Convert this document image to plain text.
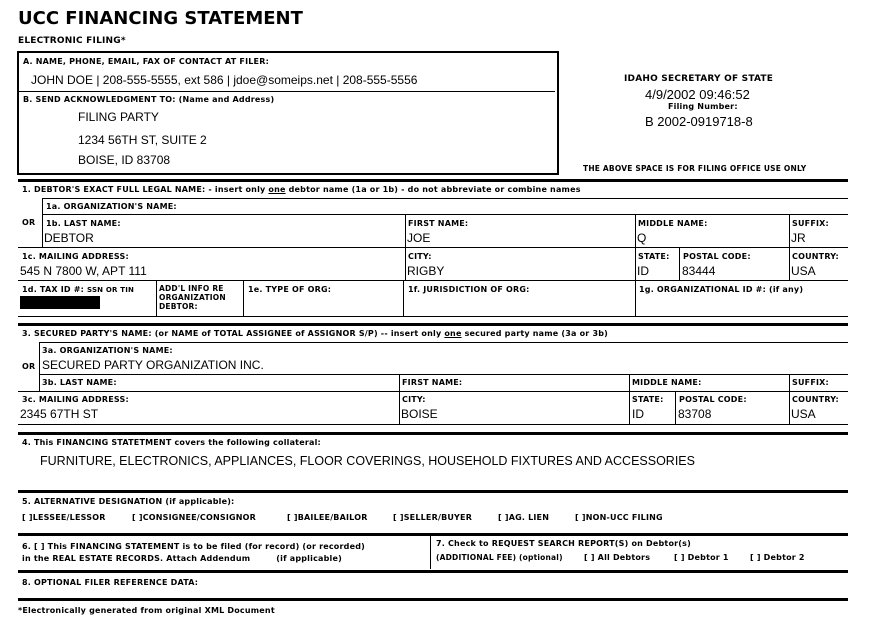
UCC FINANCING STATEMENT
ELECTRONIC FILING*
A. NAME, PHONE, EMAIL, FAX OF CONTACT AT FILER:
JOHN DOE | 208-555-5555, ext 586 | jdoe@someips.net | 208-555-5556
B. SEND ACKNOWLEDGMENT TO: (Name and Address)
FILING PARTY
1234 56TH ST, SUITE 2
BOISE, ID 83708
IDAHO SECRETARY OF STATE
4/9/2002 09:46:52
Filing Number:
B 2002-0919718-8
THE ABOVE SPACE IS FOR FILING OFFICE USE ONLY
1. DEBTOR'S EXACT FULL LEGAL NAME: - insert only one debtor name (1a or 1b) - do not abbreviate or combine names
OR
1a. ORGANIZATION'S NAME:
1b. LAST NAME:
DEBTOR
FIRST NAME:
JOE
MIDDLE NAME:
Q
SUFFIX:
JR
1c. MAILING ADDRESS:
545 N 7800 W, APT 111
CITY:
RIGBY
STATE:
ID
POSTAL CODE:
83444
COUNTRY:
USA
1d. TAX ID #: SSN OR TIN	ADD'L INFO RE ORGANIZATION DEBTOR:
1e. TYPE OF ORG:	1f. JURISDICTION OF ORG:	1g. ORGANIZATIONAL ID #: (if any)
3. SECURED PARTY'S NAME: (or NAME of TOTAL ASSIGNEE of ASSIGNOR S/P) -- insert only one secured party name (3a or 3b)
OR
3a. ORGANIZATION'S NAME:
SECURED PARTY ORGANIZATION INC.
3b. LAST NAME:	FIRST NAME:	MIDDLE NAME:	SUFFIX:
3c. MAILING ADDRESS:
2345 67TH ST
CITY:
BOISE
STATE:
ID
POSTAL CODE:
83708
COUNTRY:
USA
4. This FINANCING STATETMENT covers the following collateral:
FURNITURE, ELECTRONICS, APPLIANCES, FLOOR COVERINGS, HOUSEHOLD FIXTURES AND ACCESSORIES
5. ALTERNATIVE DESIGNATION (if applicable):
[ ]LESSEE/LESSOR	[ ]CONSIGNEE/CONSIGNOR	[ ]BAILEE/BAILOR	[ ]SELLER/BUYER	[ ]AG. LIEN	[ ]NON-UCC FILING
6. [ ] This FINANCING STATEMENT is to be filed (for record) (or recorded)
in the REAL ESTATE RECORDS. Attach Addendum	(if applicable)
7. Check to REQUEST SEARCH REPORT(S) on Debtor(s)
(ADDITIONAL FEE) (optional)	[ ] All Debtors	[ ] Debtor 1	[ ] Debtor 2
8. OPTIONAL FILER REFERENCE DATA:
*Electronically generated from original XML Document
